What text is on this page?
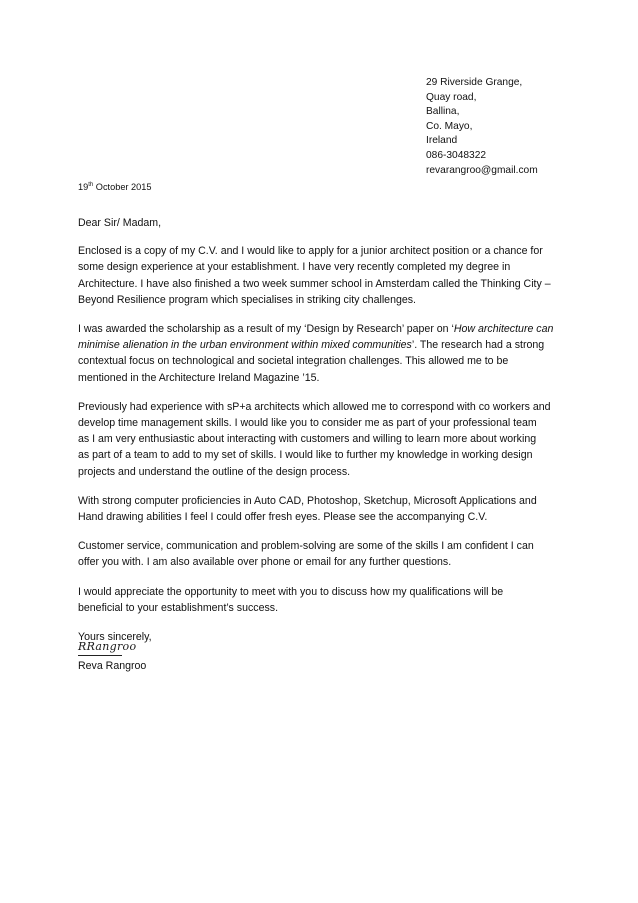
29 Riverside Grange,
Quay road,
Ballina,
Co. Mayo,
Ireland
086-3048322
revarangroo@gmail.com
19th October 2015

Dear Sir/ Madam,

Enclosed is a copy of my C.V. and I would like to apply for a junior architect position or a chance for
some design experience at your establishment. I have very recently completed my degree in
Architecture. I have also finished a two week summer school in Amsterdam called the Thinking City –
Beyond Resilience program which specialises in striking city challenges.

I was awarded the scholarship as a result of my ‘Design by Research’ paper on ‘How architecture can
minimise alienation in the urban environment within mixed communities’. The research had a strong
contextual focus on technological and societal integration challenges. This allowed me to be
mentioned in the Architecture Ireland Magazine ’15.

Previously had experience with sP+a architects which allowed me to correspond with co workers and
develop time management skills. I would like you to consider me as part of your professional team
as I am very enthusiastic about interacting with customers and willing to learn more about working
as part of a team to add to my set of skills. I would like to further my knowledge in working design
projects and understand the outline of the design process.

With strong computer proficiencies in Auto CAD, Photoshop, Sketchup, Microsoft Applications and
Hand drawing abilities I feel I could offer fresh eyes. Please see the accompanying C.V.

Customer service, communication and problem-solving are some of the skills I am confident I can
offer you with. I am also available over phone or email for any further questions.

I would appreciate the opportunity to meet with you to discuss how my qualifications will be
beneficial to your establishment’s success.

Yours sincerely,

RRangroo
Reva Rangroo
